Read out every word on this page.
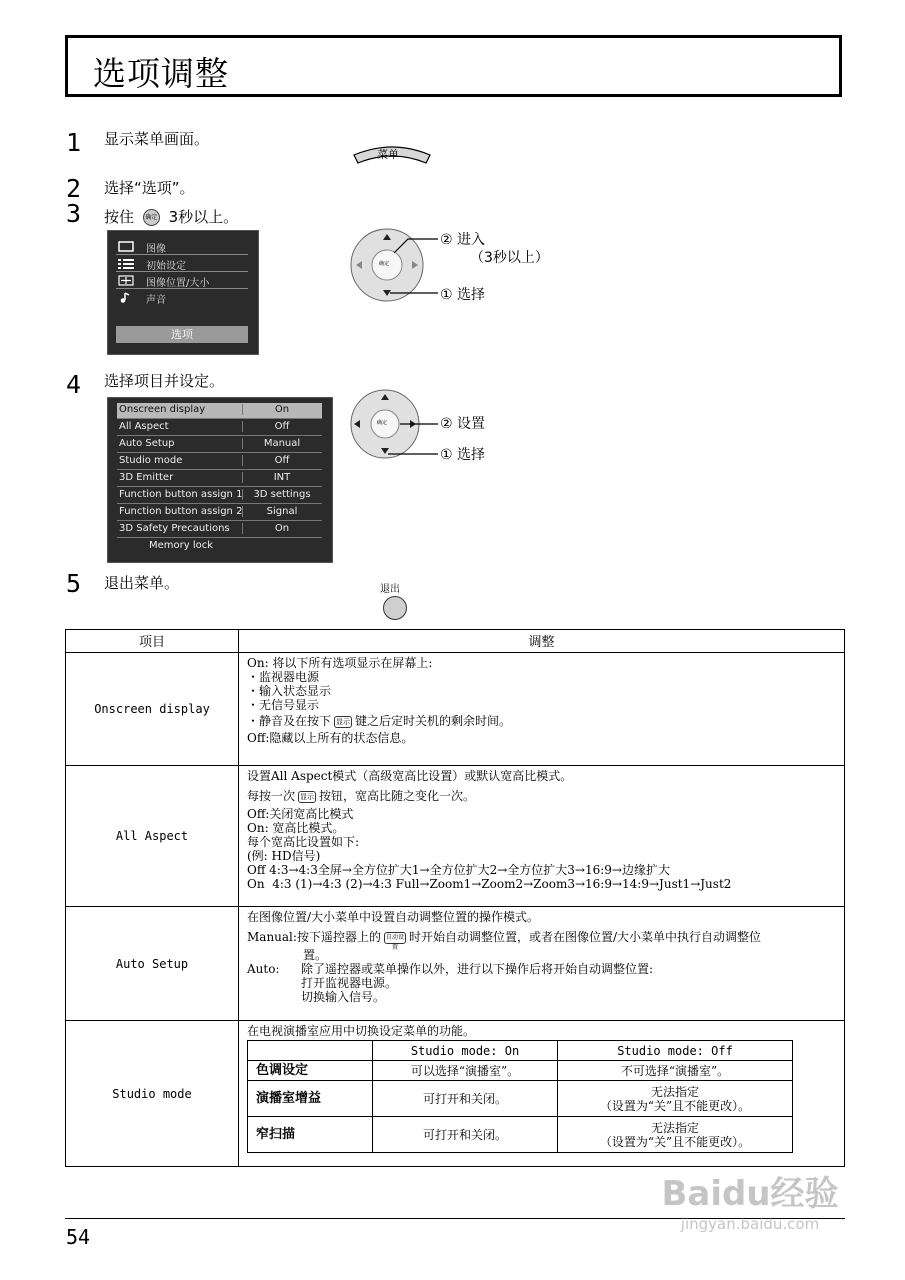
选项调整
1 显示菜单画面。
菜单
2 选择“选项”。
3 按住 确定 3秒以上。
图像
初始设定
图像位置/大小
声音
选项
确定
② 进入
（3秒以上）
① 选择
4 选择项目并设定。
Onscreen display	On
All Aspect	Off
Auto Setup	Manual
Studio mode	Off
3D Emitter	INT
Function button assign 1	3D settings
Function button assign 2	Signal
3D Safety Precautions	On
Memory lock
确定	② 设置
① 选择
5 退出菜单。	退出
项目	调整
Onscreen display	
On: 将以下所有选项显示在屏幕上:
・监视器电源
・输入状态显示
・无信号显示
・静音及在按下 显示 键之后定时关机的剩余时间。
Off:隐藏以上所有的状态信息。

All Aspect	
设置All Aspect模式（高级宽高比设置）或默认宽高比模式。
每按一次 显示 按钮，宽高比随之变化一次。
Off:关闭宽高比模式
On: 宽高比模式。
每个宽高比设置如下:
(例: HD信号)
Off 4:3→4:3全屏→全方位扩大1→全方位扩大2→全方位扩大3→16:9→边缘扩大
On  4:3 (1)→4:3 (2)→4:3 Full→Zoom1→Zoom2→Zoom3→16:9→14:9→Just1→Just2

Auto Setup	
在图像位置/大小菜单中设置自动调整位置的操作模式。
Manual:按下遥控器上的 自动设置时开始自动调整位置，或者在图像位置/大小菜单中执行自动调整位
置。
Auto: 除了遥控器或菜单操作以外，进行以下操作后将开始自动调整位置:
打开监视器电源。
切换输入信号。

Studio mode	
在电视演播室应用中切换设定菜单的功能。
	Studio mode: On	Studio mode: Off
色调设定	可以选择“演播室”。	不可选择“演播室”。
演播室增益	可打开和关闭。	无法指定
（设置为“关”且不能更改）。

窄扫描	可打开和关闭。	无法指定
（设置为“关”且不能更改）。
54
Baidu经验
jingyan.baidu.com
